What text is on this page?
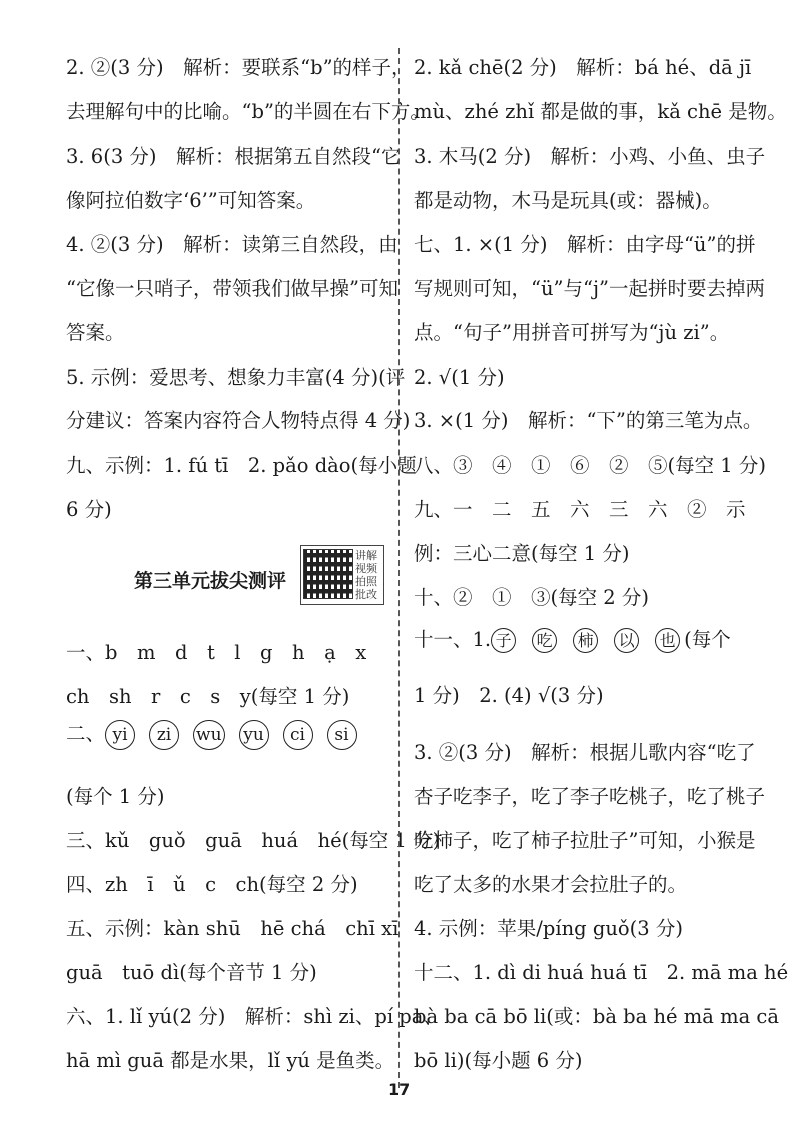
2. ②(3 分)　解析：要联系“b”的样子，
去理解句中的比喻。“b”的半圆在右下方。
3. 6(3 分)　解析：根据第五自然段“它
像阿拉伯数字‘6’”可知答案。
4. ②(3 分)　解析：读第三自然段，由
“它像一只哨子，带领我们做早操”可知
答案。
5. 示例：爱思考、想象力丰富(4 分)(评
分建议：答案内容符合人物特点得 4 分)
九、示例：1. fú tī　2. pǎo dào(每小题
6 分)
一、b　m　d　t　l　g　h　ạ　x
ch　sh　r　c　s　y(每空 1 分)
二、 yi zi wu yu ci si
(每个 1 分)
三、kǔ　guǒ　guā　huá　hé(每空 1 分)
四、zh　ī　ǔ　c　ch(每空 2 分)
五、示例：kàn shū　hē chá　chī xī
guā　tuō dì(每个音节 1 分)
六、1. lǐ yú(2 分)　解析：shì zi、pí pa、
hā mì guā 都是水果，lǐ yú 是鱼类。
第三单元拔尖测评
讲解视频 拍照批改
2. kǎ chē(2 分)　解析：bá hé、dā jī
mù、zhé zhǐ 都是做的事，kǎ chē 是物。
3. 木马(2 分)　解析：小鸡、小鱼、虫子
都是动物，木马是玩具(或：器械)。
七、1. ×(1 分)　解析：由字母“ü”的拼
写规则可知，“ü”与“j”一起拼时要去掉两
点。“句子”用拼音可拼写为“jù zi”。
2. √(1 分)
3. ×(1 分)　解析：“下”的第三笔为点。
八、③　④　①　⑥　②　⑤(每空 1 分)
九、一　二　五　六　三　六　②　示
例：三心二意(每空 1 分)
十、②　①　③(每空 2 分)
十一、1. 子 吃 柿 以 也 (每个
1 分)　2. (4) √(3 分)
3. ②(3 分)　解析：根据儿歌内容“吃了
杏子吃李子，吃了李子吃桃子，吃了桃子
吃柿子，吃了柿子拉肚子”可知，小猴是
吃了太多的水果才会拉肚子的。
4. 示例：苹果/píng guǒ(3 分)
十二、1. dì di huá huá tī　2. mā ma hé
bà ba cā bō li(或：bà ba hé mā ma cā
bō li)(每小题 6 分)
17
